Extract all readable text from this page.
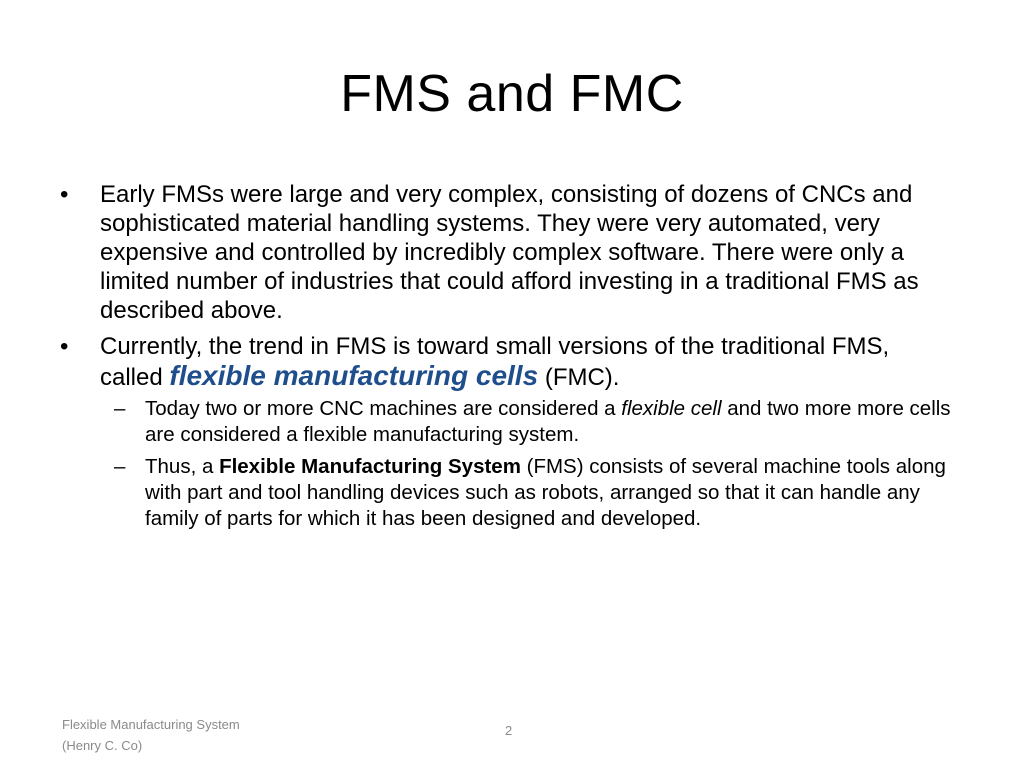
FMS and FMC
• Early FMSs were large and very complex, consisting of dozens of CNCs and sophisticated material handling systems. They were very automated, very expensive and controlled by incredibly complex software. There were only a limited number of industries that could afford investing in a traditional FMS as described above.
• Currently, the trend in FMS is toward small versions of the traditional FMS, called flexible manufacturing cells (FMC).
– Today two or more CNC machines are considered a flexible cell and two more more cells are considered a flexible manufacturing system.
– Thus, a Flexible Manufacturing System (FMS) consists of several machine tools along with part and tool handling devices such as robots, arranged so that it can handle any family of parts for which it has been designed and developed.
Flexible Manufacturing System
(Henry C. Co)
2
